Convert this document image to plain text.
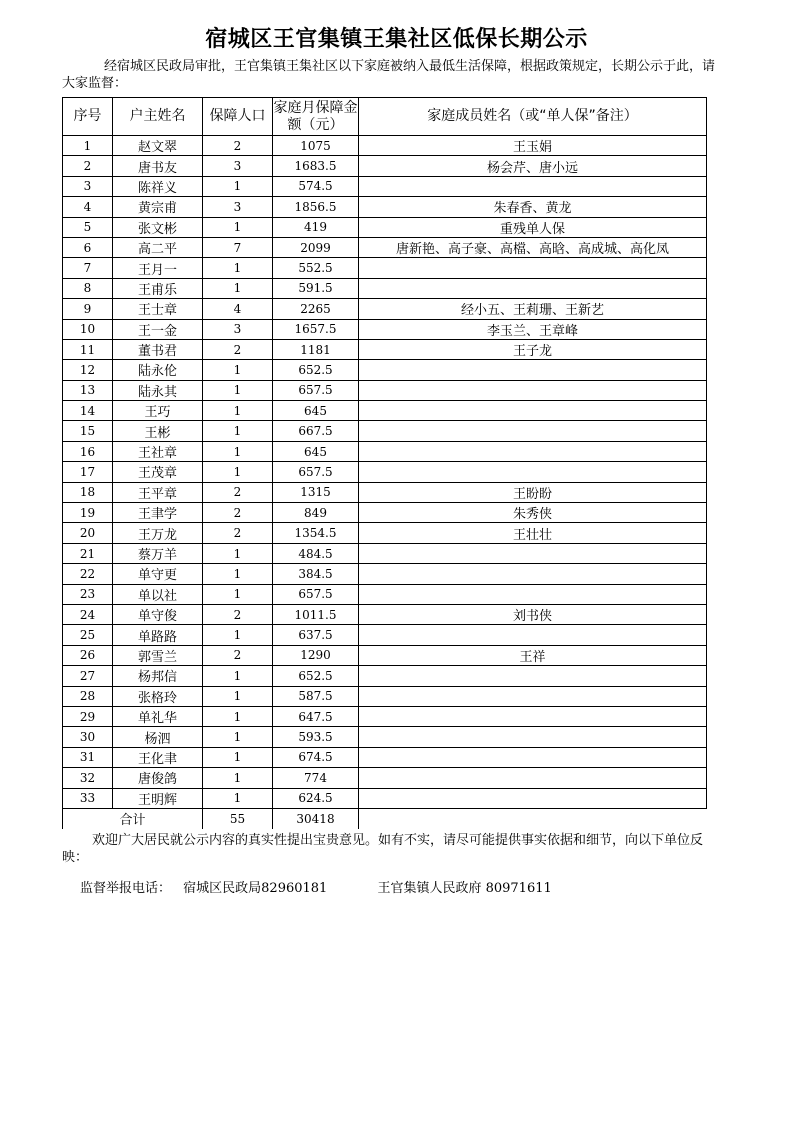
宿城区王官集镇王集社区低保长期公示
经宿城区民政局审批，王官集镇王集社区以下家庭被纳入最低生活保障，根据政策规定，长期公示于此，请大家监督：
序号	户主姓名	保障人口	家庭月保障金额（元）	家庭成员姓名（或“单人保”备注）
1	赵文翠	2	1075	王玉娟
2	唐书友	3	1683.5	杨会芹、唐小远
3	陈祥义	1	574.5	
4	黄宗甫	3	1856.5	朱春香、黄龙
5	张文彬	1	419	重残单人保
6	高二平	7	2099	唐新艳、高子豪、高檔、高晗、高成城、高化凤
7	王月一	1	552.5	
8	王甫乐	1	591.5	
9	王士章	4	2265	经小五、王莉珊、王新艺
10	王一金	3	1657.5	李玉兰、王章峰
11	董书君	2	1181	王子龙
12	陆永伦	1	652.5	
13	陆永其	1	657.5	
14	王巧	1	645	
15	王彬	1	667.5	
16	王社章	1	645	
17	王茂章	1	657.5	
18	王平章	2	1315	王盼盼
19	王聿学	2	849	朱秀侠
20	王万龙	2	1354.5	王壮壮
21	蔡万羊	1	484.5	
22	单守更	1	384.5	
23	单以社	1	657.5	
24	单守俊	2	1011.5	刘书侠
25	单路路	1	637.5	
26	郭雪兰	2	1290	王祥
27	杨邦信	1	652.5	
28	张格玲	1	587.5	
29	单礼华	1	647.5	
30	杨泗	1	593.5	
31	王化聿	1	674.5	
32	唐俊鸽	1	774	
33	王明辉	1	624.5	
合计		55	30418	
欢迎广大居民就公示内容的真实性提出宝贵意见。如有不实，请尽可能提供事实依据和细节，向以下单位反映：
监督举报电话： 宿城区民政局82960181	王官集镇人民政府 80971611
